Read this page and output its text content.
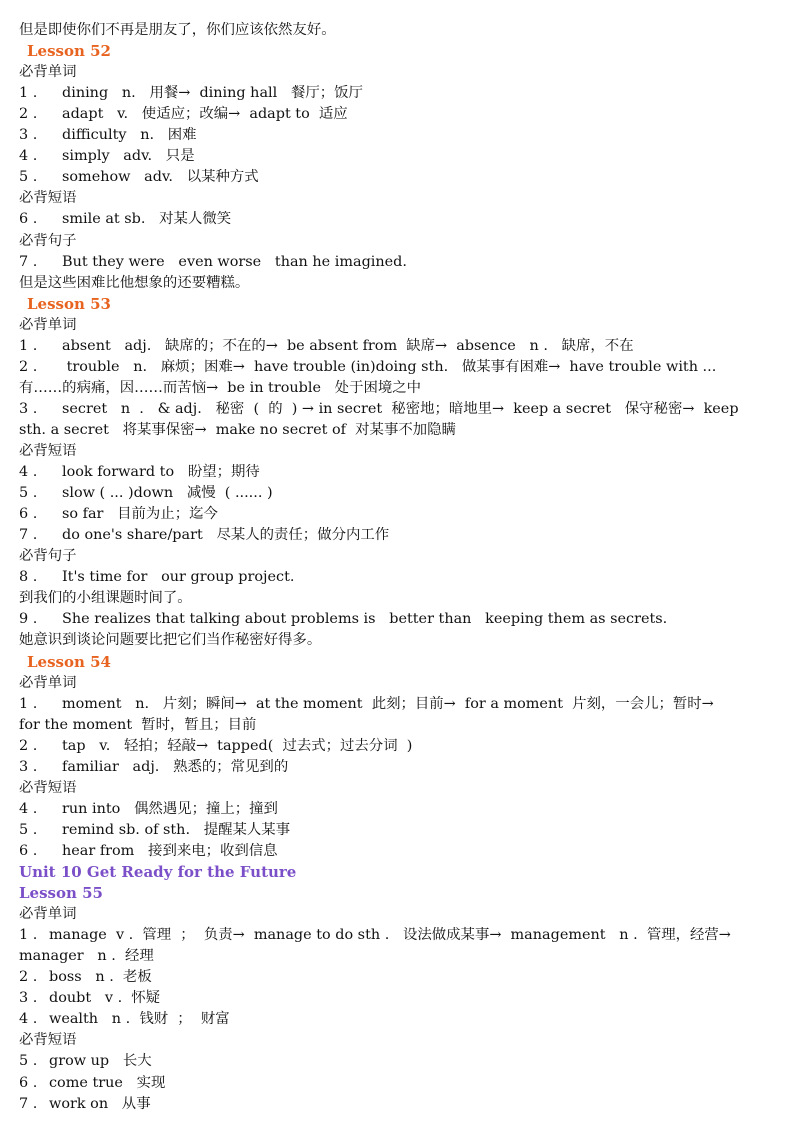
但是即使你们不再是朋友了，你们应该依然友好。
Lesson 52
必背单词
1 . dining   n.   用餐→  dining hall   餐厅；饭厅
2 . adapt   v.   使适应；改编→  adapt to  适应
3 . difficulty   n.   困难
4 . simply   adv.   只是
5 . somehow   adv.   以某种方式
必背短语
6 . smile at sb.   对某人微笑
必背句子
7 . But they were   even worse   than he imagined.
但是这些困难比他想象的还要糟糕。
Lesson 53
必背单词
1 . absent   adj.   缺席的；不在的→  be absent from  缺席→  absence   n .   缺席，不在
2 . trouble   n.   麻烦；困难→  have trouble (in)doing sth.   做某事有困难→  have trouble with ...
有……的病痛，因……而苦恼→  be in trouble   处于困境之中
3 . secret   n  .   & adj.   秘密  (  的  ) → in secret  秘密地；暗地里→  keep a secret   保守秘密→  keep
sth. a secret   将某事保密→  make no secret of  对某事不加隐瞒
必背短语
4 . look forward to   盼望；期待
5 . slow ( ... )down   减慢  ( ...... )
6 . so far   目前为止；迄今
7 . do one's share/part   尽某人的责任；做分内工作
必背句子
8 . It's time for   our group project.
到我们的小组课题时间了。
9 . She realizes that talking about problems is   better than   keeping them as secrets.
她意识到谈论问题要比把它们当作秘密好得多。
Lesson 54
必背单词
1 . moment   n.   片刻；瞬间→  at the moment  此刻；目前→  for a moment  片刻，一会儿；暂时→
for the moment  暂时，暂且；目前
2 . tap   v.   轻拍；轻敲→  tapped(  过去式；过去分词  )
3 . familiar   adj.   熟悉的；常见到的
必背短语
4 . run into   偶然遇见；撞上；撞到
5 . remind sb. of sth.   提醒某人某事
6 . hear from   接到来电；收到信息
Unit 10 Get Ready for the Future
Lesson 55
必背单词
1 . manage  v .  管理  ；  负责→  manage to do sth .   设法做成某事→  management   n .  管理，经营→
manager   n .  经理
2 . boss   n .  老板
3 . doubt   v .  怀疑
4 . wealth   n .  钱财  ；  财富
必背短语
5 . grow up   长大
6 . come true   实现
7 . work on   从事
